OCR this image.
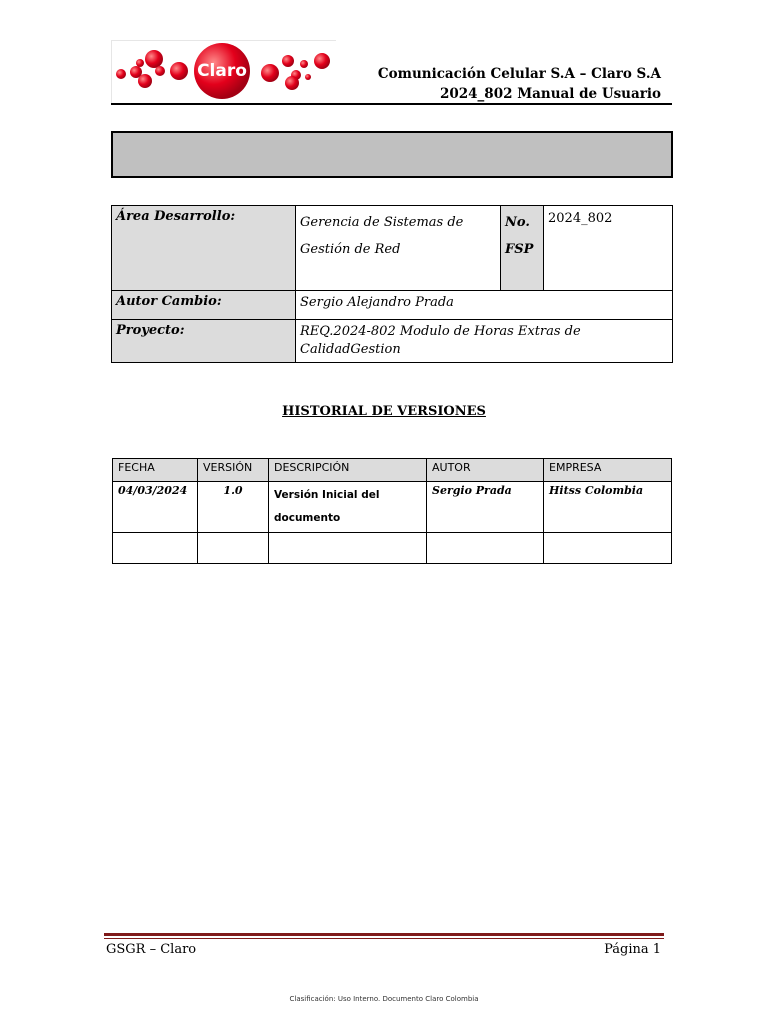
Claro	Comunicación Celular S.A – Claro S.A
2024_802 Manual de Usuario
Área Desarrollo:	Gerencia de Sistemas de Gestión de Red	No. FSP	2024_802
Autor Cambio:	Sergio Alejandro Prada		
Proyecto:	REQ.2024-802 Modulo de Horas Extras de CalidadGestion		
HISTORIAL DE VERSIONES
FECHA	VERSIÓN	DESCRIPCIÓN	AUTOR	EMPRESA
04/03/2024	1.0	Versión Inicial del documento	Sergio Prada	Hitss Colombia

GSGR – Claro	Página 1
Clasificación: Uso Interno. Documento Claro Colombia
